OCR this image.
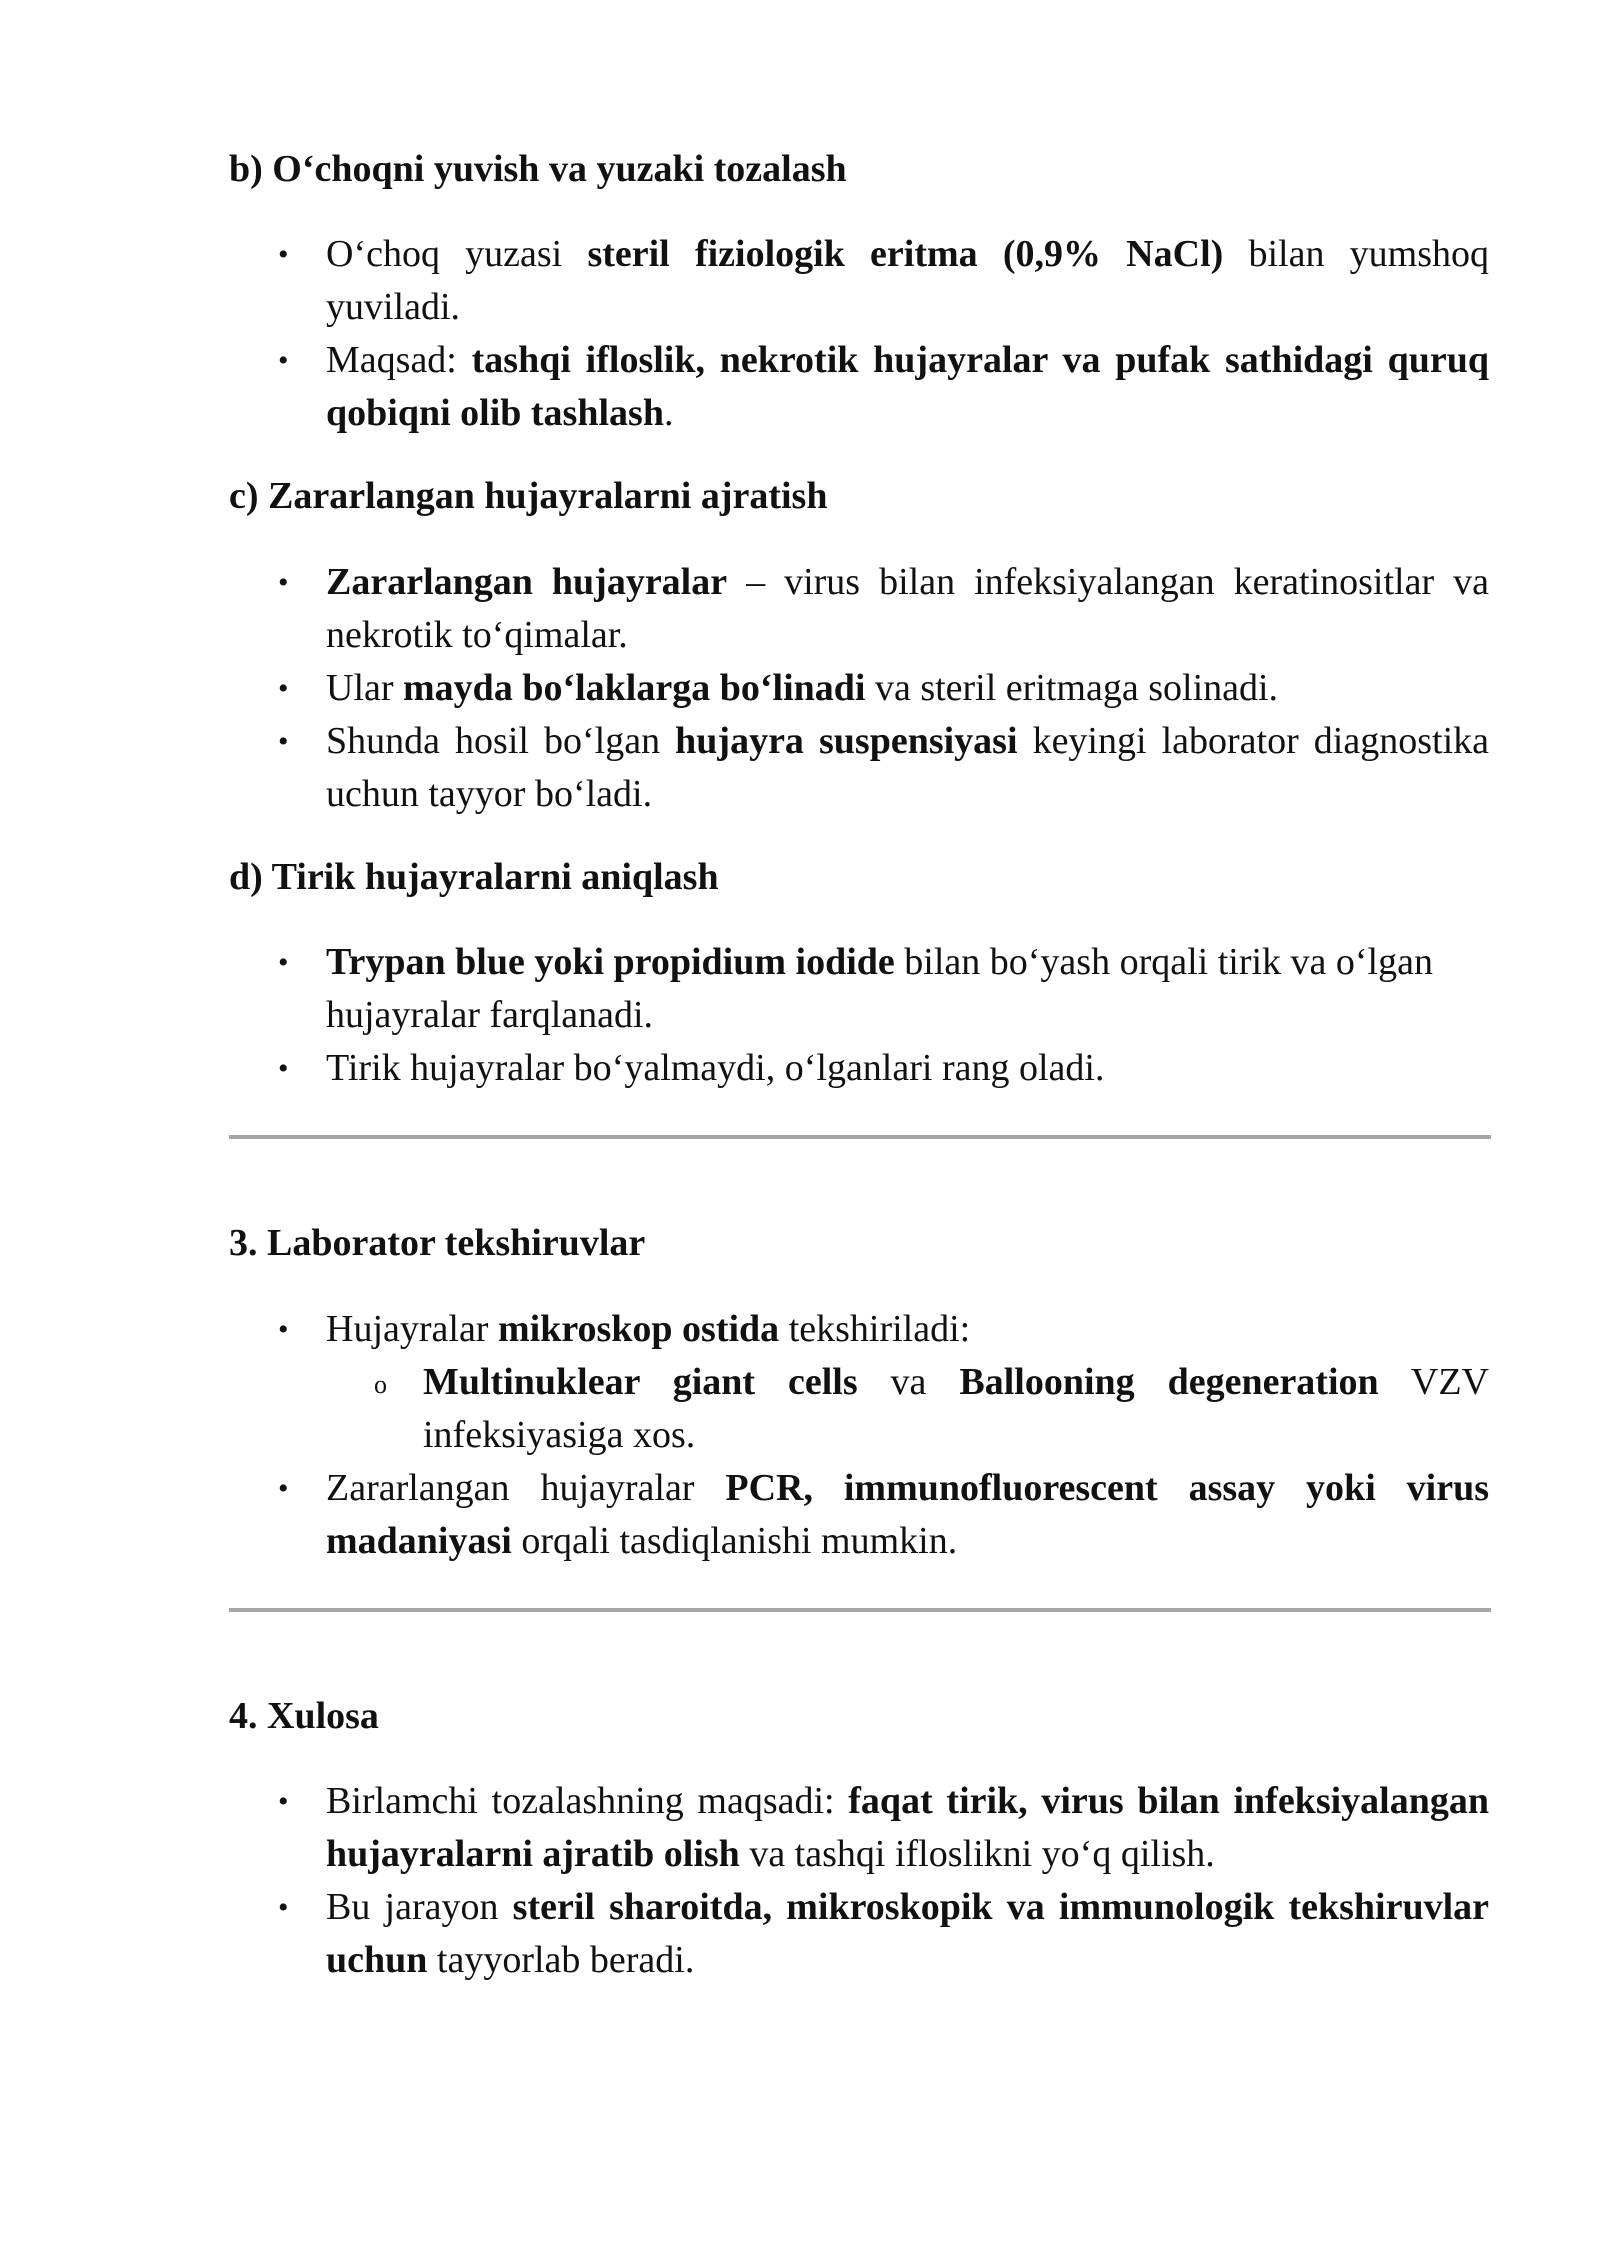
b) O‘choqni yuvish va yuzaki tozalash
• O‘choq yuzasi steril fiziologik eritma (0,9% NaCl) bilan yumshoq yuviladi.
• Maqsad: tashqi ifloslik, nekrotik hujayralar va pufak sathidagi quruq qobiqni olib tashlash.
c) Zararlangan hujayralarni ajratish
• Zararlangan hujayralar – virus bilan infeksiyalangan keratinositlar va nekrotik to‘qimalar.
• Ular mayda bo‘laklarga bo‘linadi va steril eritmaga solinadi.
• Shunda hosil bo‘lgan hujayra suspensiyasi keyingi laborator diagnostika uchun tayyor bo‘ladi.
d) Tirik hujayralarni aniqlash
• Trypan blue yoki propidium iodide bilan bo‘yash orqali tirik va o‘lgan hujayralar farqlanadi.
• Tirik hujayralar bo‘yalmaydi, o‘lganlari rang oladi.
3. Laborator tekshiruvlar
• Hujayralar mikroskop ostida tekshiriladi:
o Multinuklear giant cells va Ballooning degeneration VZV infeksiyasiga xos.
• Zararlangan hujayralar PCR, immunofluorescent assay yoki virus madaniyasi orqali tasdiqlanishi mumkin.
4. Xulosa
• Birlamchi tozalashning maqsadi: faqat tirik, virus bilan infeksiyalangan hujayralarni ajratib olish va tashqi ifloslikni yo‘q qilish.
• Bu jarayon steril sharoitda, mikroskopik va immunologik tekshiruvlar uchun tayyorlab beradi.
